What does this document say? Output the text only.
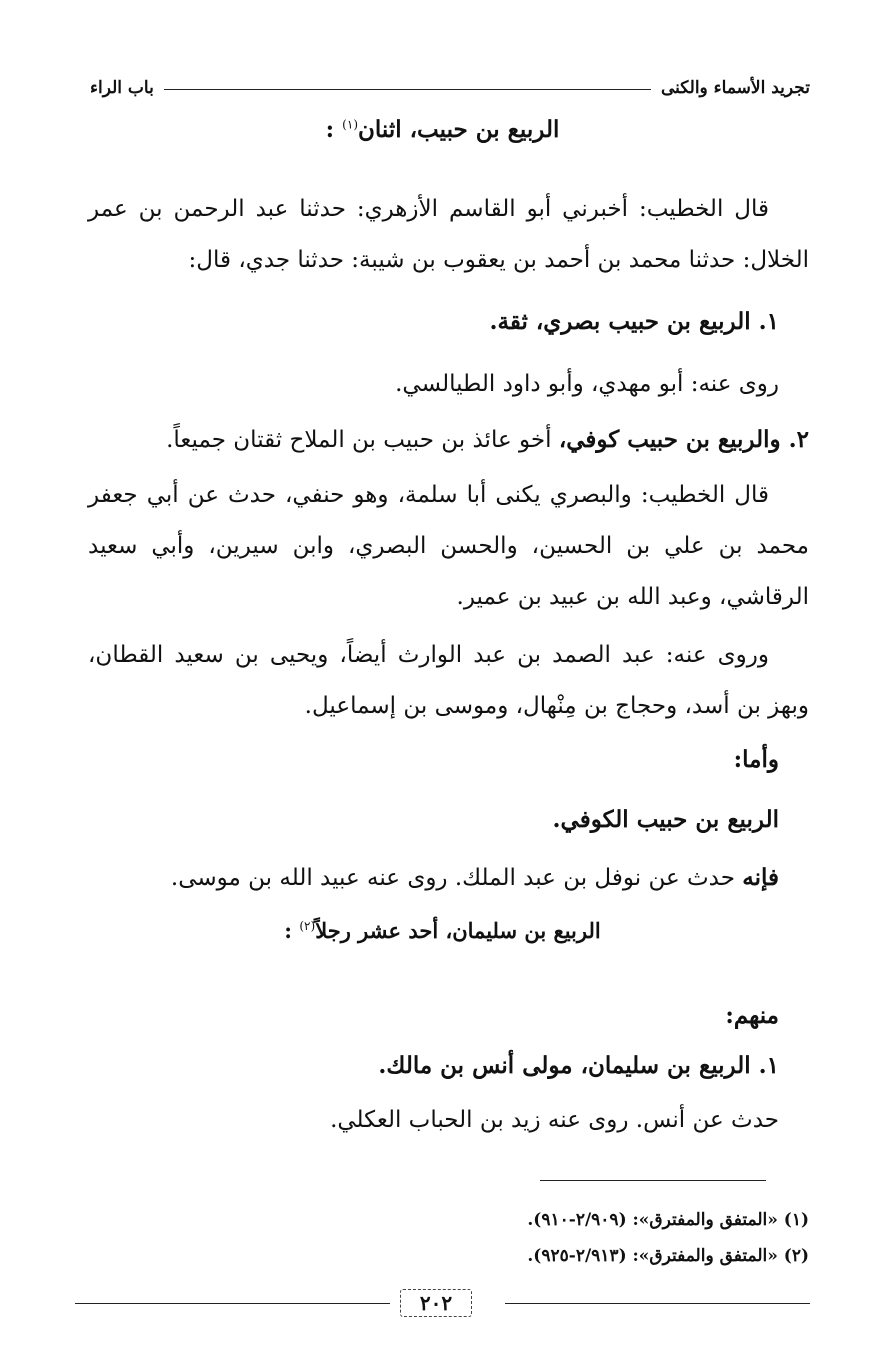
تجريد الأسماء والكنى
باب الراء
الربيع بن حبيب، اثنان$^{(١)}$ :
قال الخطيب: أخبرني أبو القاسم الأزهري: حدثنا عبد الرحمن بن عمر الخلال: حدثنا محمد بن أحمد بن يعقوب بن شيبة: حدثنا جدي، قال:
١. الربيع بن حبيب بصري، ثقة.
روى عنه: أبو مهدي، وأبو داود الطيالسي.
٢. والربيع بن حبيب كوفي، أخو عائذ بن حبيب بن الملاح ثقتان جميعاً.
قال الخطيب: والبصري يكنى أبا سلمة، وهو حنفي، حدث عن أبي جعفر محمد بن علي بن الحسين، والحسن البصري، وابن سيرين، وأبي سعيد الرقاشي، وعبد الله بن عبيد بن عمير.
وروى عنه: عبد الصمد بن عبد الوارث أيضاً، ويحيى بن سعيد القطان، وبهز بن أسد، وحجاج بن مِنْهال، وموسى بن إسماعيل.
وأما:
الربيع بن حبيب الكوفي.
فإنه حدث عن نوفل بن عبد الملك. روى عنه عبيد الله بن موسى.
الربيع بن سليمان، أحد عشر رجلاً$^{(٢)}$ :
منهم:
١. الربيع بن سليمان، مولى أنس بن مالك.
حدث عن أنس. روى عنه زيد بن الحباب العكلي.
(١) «المتفق والمفترق»: (٢/٩٠٩-٩١٠).
(٢) «المتفق والمفترق»: (٢/٩١٣-٩٢٥).
٢٠٢
